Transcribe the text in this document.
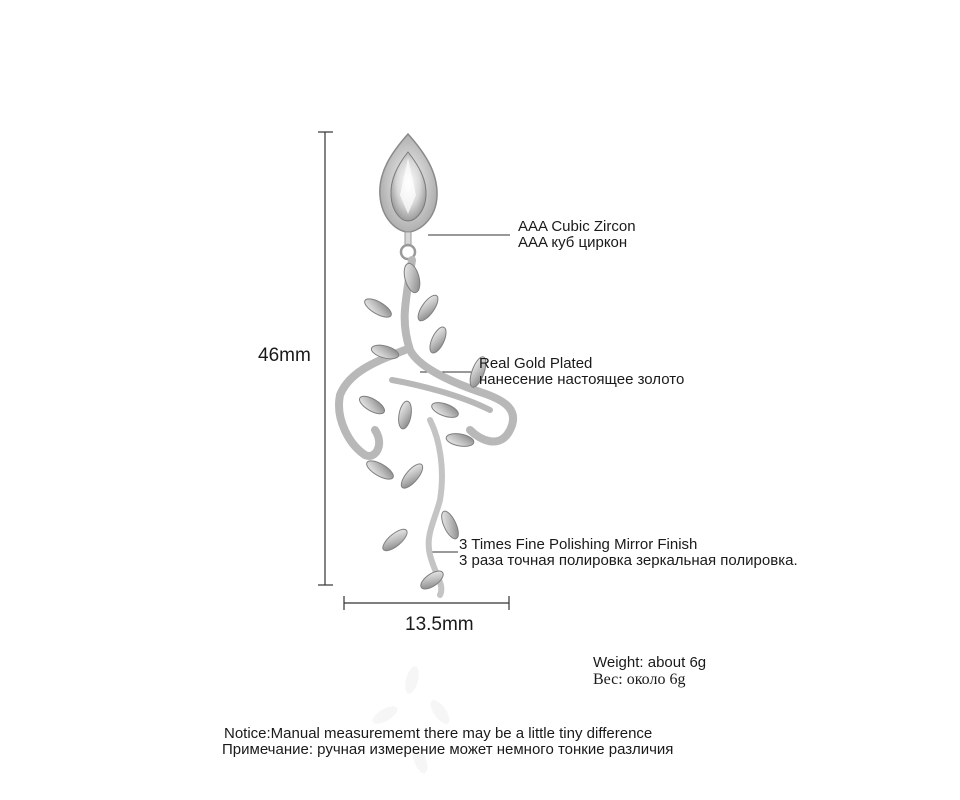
46mm
13.5mm
AAA Cubic Zircon
AAA куб циркон
Real Gold Plated
нанесение настоящее золото
3 Times Fine Polishing Mirror Finish
3 раза точная полировка зеркальная полировка.
Weight: about 6g
Вес: около 6g
Notice:Manual measurememt there may be a little tiny difference
Примечание: ручная измерение может немного тонкие различия
